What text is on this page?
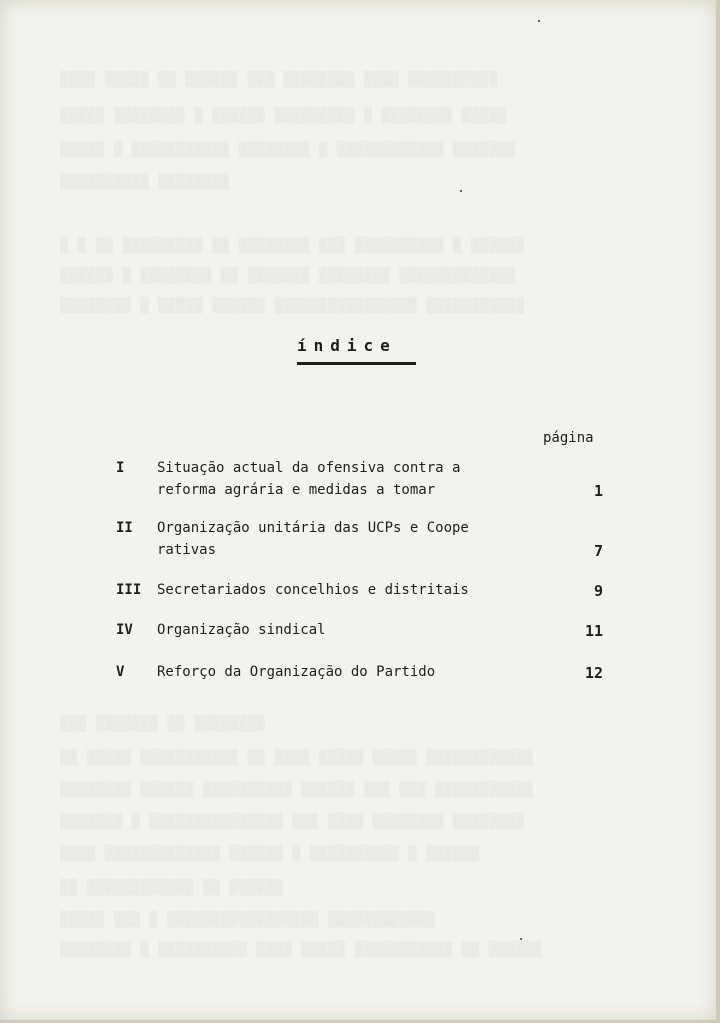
▒▒▒▒ ▒▒▒▒▒ ▒▒ ▒▒▒▒▒▒ ▒▒▒ ▒▒▒▒▒▒▒▒ ▒▒▒▒ ▒▒▒▒▒▒▒▒▒▒
▒▒▒▒▒ ▒▒▒▒▒▒▒▒ ▒ ▒▒▒▒▒▒ ▒▒▒▒▒▒▒▒▒ ▒ ▒▒▒▒▒▒▒▒ ▒▒▒▒▒
▒▒▒▒▒ ▒ ▒▒▒▒▒▒▒▒▒▒▒ ▒▒▒▒▒▒▒▒ ▒ ▒▒▒▒▒▒▒▒▒▒▒▒ ▒▒▒▒▒▒▒
▒▒▒▒▒▒▒▒▒▒ ▒▒▒▒▒▒▒▒
▒ ▒ ▒▒ ▒▒▒▒▒▒▒▒▒ ▒▒ ▒▒▒▒▒▒▒▒ ▒▒▒ ▒▒▒▒▒▒▒▒▒▒ ▒ ▒▒▒▒▒▒
▒▒▒▒▒▒ ▒ ▒▒▒▒▒▒▒▒ ▒▒ ▒▒▒▒▒▒▒ ▒▒▒▒▒▒▒▒ ▒▒▒▒▒▒▒▒▒▒▒▒▒
▒▒▒▒▒▒▒▒ ▒ ▒▒▒▒▒ ▒▒▒▒▒▒ ▒▒▒▒▒▒▒▒▒▒▒▒▒▒▒▒ ▒▒▒▒▒▒▒▒▒▒▒
▒▒▒ ▒▒▒▒▒▒▒ ▒▒ ▒▒▒▒▒▒▒▒
▒▒ ▒▒▒▒▒ ▒▒▒▒▒▒▒▒▒▒▒ ▒▒ ▒▒▒▒ ▒▒▒▒▒ ▒▒▒▒▒ ▒▒▒▒▒▒▒▒▒▒▒▒
▒▒▒▒▒▒▒▒ ▒▒▒▒▒▒ ▒▒▒▒▒▒▒▒▒▒ ▒▒▒▒▒▒ ▒▒▒ ▒▒▒ ▒▒▒▒▒▒▒▒▒▒▒
▒▒▒▒▒▒▒ ▒ ▒▒▒▒▒▒▒▒▒▒▒▒▒▒▒ ▒▒▒ ▒▒▒▒ ▒▒▒▒▒▒▒▒ ▒▒▒▒▒▒▒▒
▒▒▒▒ ▒▒▒▒▒▒▒▒▒▒▒▒▒ ▒▒▒▒▒▒ ▒ ▒▒▒▒▒▒▒▒▒▒ ▒ ▒▒▒▒▒▒
▒▒ ▒▒▒▒▒▒▒▒▒▒▒▒ ▒▒ ▒▒▒▒▒▒
▒▒▒▒▒ ▒▒▒ ▒ ▒▒▒▒▒▒▒▒▒▒▒▒▒▒▒▒▒ ▒▒▒▒▒▒▒▒▒▒▒▒
▒▒▒▒▒▒▒▒ ▒ ▒▒▒▒▒▒▒▒▒▒ ▒▒▒▒ ▒▒▒▒▒ ▒▒▒▒▒▒▒▒▒▒▒ ▒▒ ▒▒▒▒▒▒
índice
página
I Situação actual da ofensiva contra a
reforma agrária e medidas a tomar	1
II Organização unitária das UCPs e Coope
rativas	7
III Secretariados concelhios e distritais	9
IV Organização sindical	11
V Reforço da Organização do Partido	12
